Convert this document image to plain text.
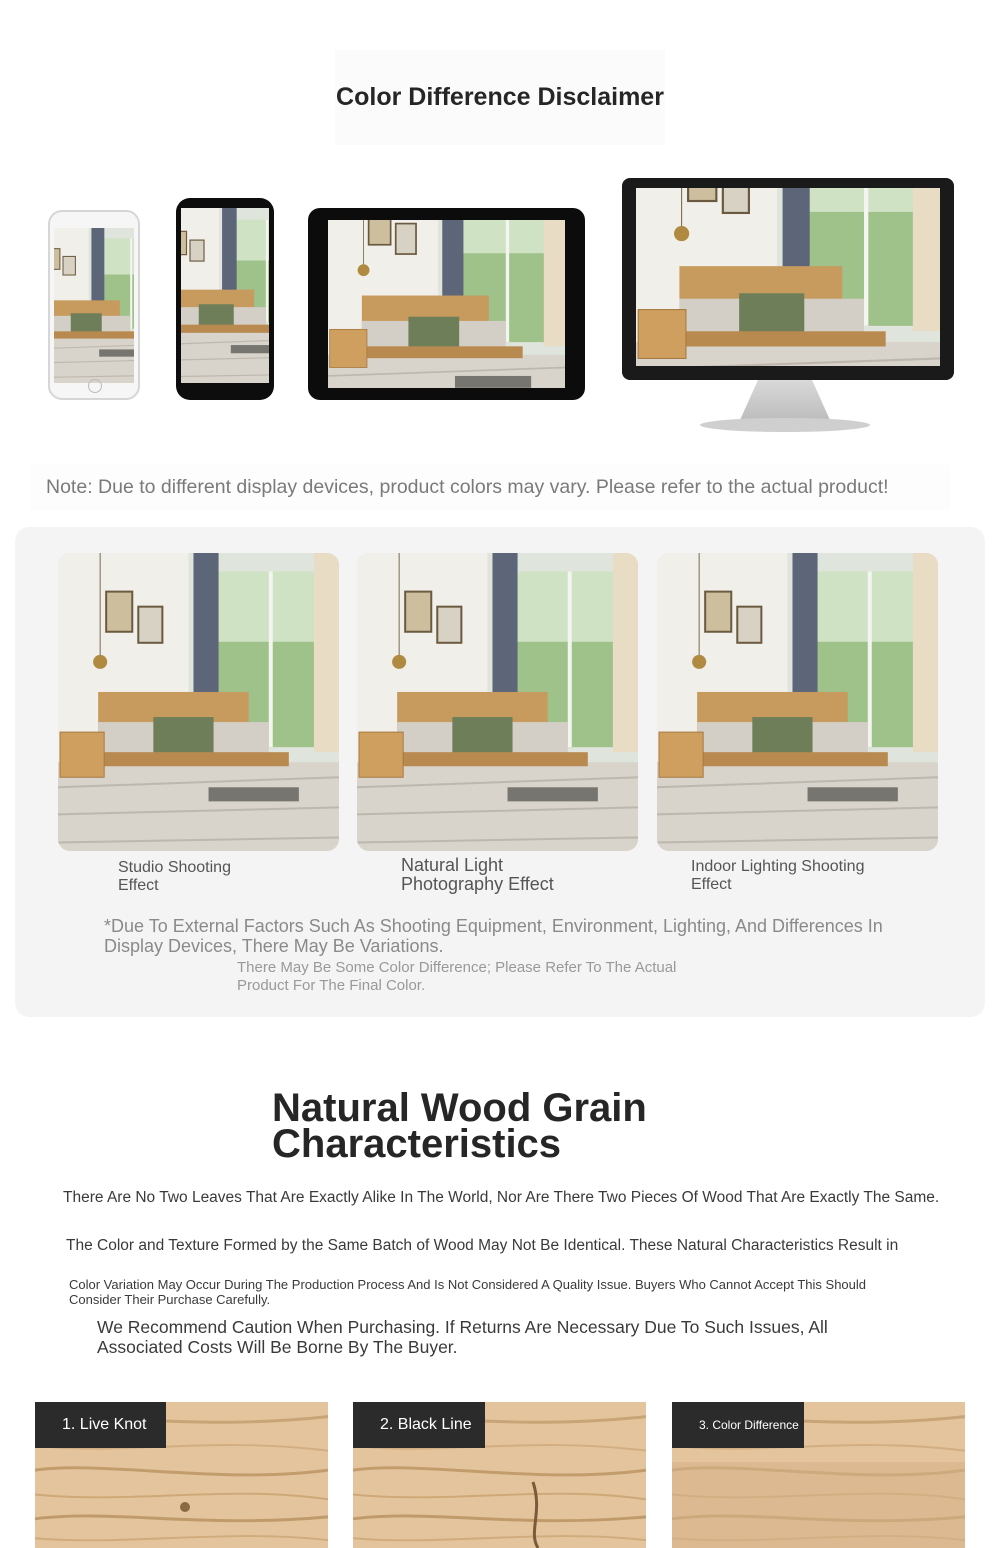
Color Difference Disclaimer
Note: Due to different display devices, product colors may vary. Please refer to the actual product!
Studio Shooting
Effect
Natural Light
Photography Effect
Indoor Lighting Shooting
Effect
*Due To External Factors Such As Shooting Equipment, Environment, Lighting, And Differences In
Display Devices, There May Be Variations.
There May Be Some Color Difference; Please Refer To The Actual
Product For The Final Color.
Natural Wood Grain
Characteristics
There Are No Two Leaves That Are Exactly Alike In The World, Nor Are There Two Pieces Of Wood That Are Exactly The Same.
The Color and Texture Formed by the Same Batch of Wood May Not Be Identical. These Natural Characteristics Result in
Color Variation May Occur During The Production Process And Is Not Considered A Quality Issue. Buyers Who Cannot Accept This Should
Consider Their Purchase Carefully.
We Recommend Caution When Purchasing. If Returns Are Necessary Due To Such Issues, All
Associated Costs Will Be Borne By The Buyer.
1. Live Knot	2. Black Line	3. Color Difference
